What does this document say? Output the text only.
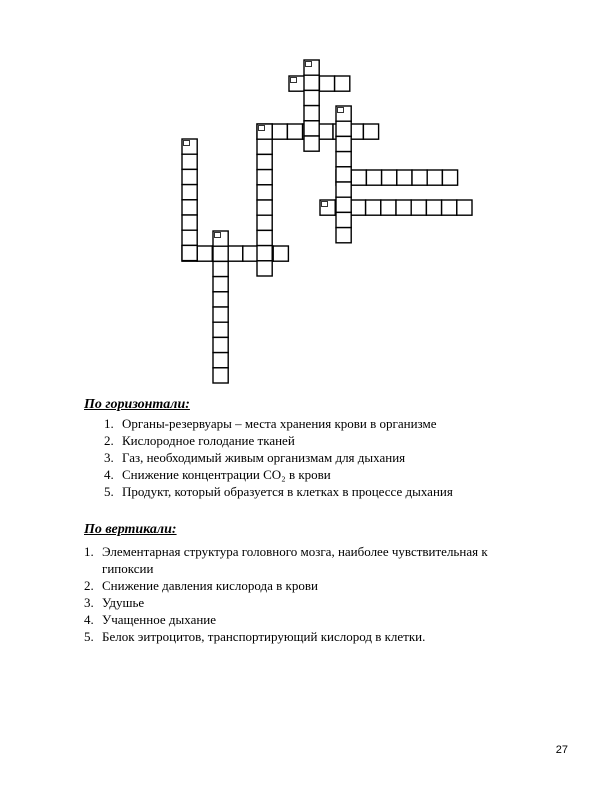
По горизонтали:
1. Органы-резервуары – места хранения крови в организме
2. Кислородное голодание тканей
3. Газ, необходимый живым организмам для дыхания
4. Снижение концентрации CO₂ в крови
5. Продукт, который образуется в клетках в процессе дыхания
По вертикали:
1. Элементарная структура головного мозга, наиболее чувствительная к гипоксии
2. Снижение давления кислорода в крови
3. Удушье
4. Учащенное дыхание
5. Белок эитроцитов, транспортирующий кислород в клетки.
27
